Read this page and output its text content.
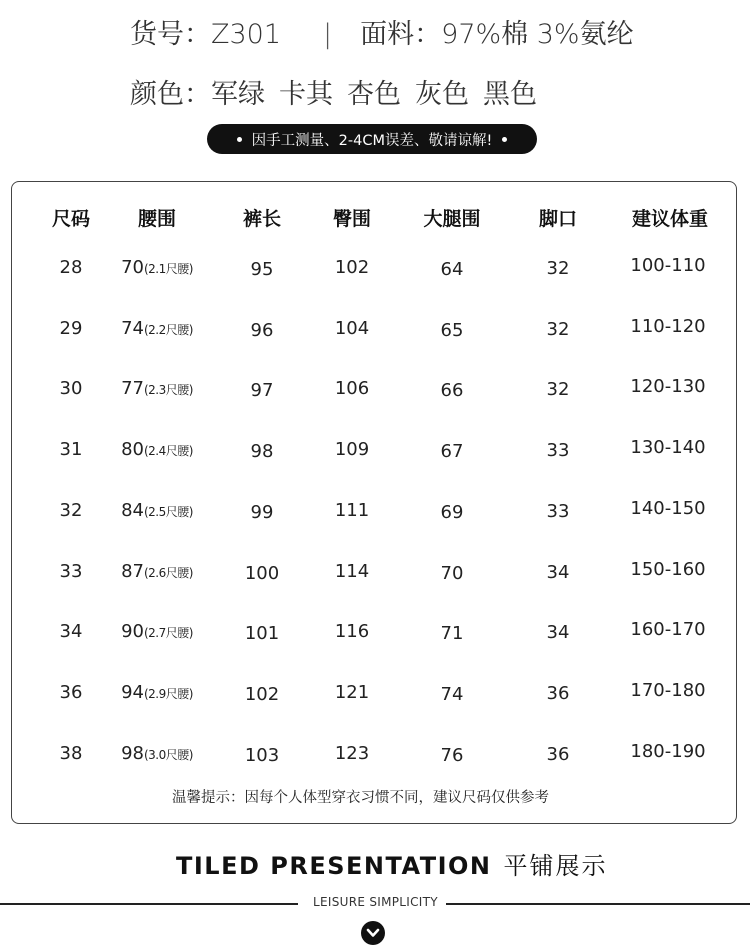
货号：Z301 | 面料：97%棉 3%氨纶
颜色：军绿 卡其 杏色 灰色 黑色
因手工测量、2-4CM误差、敬请谅解!
尺码	腰围	裤长	臀围	大腿围	脚口	建议体重
28 70(2.1尺腰)	95	102	64	32	100-110
29 74(2.2尺腰)	96	104	65	32	110-120
30 77(2.3尺腰)	97	106	66	32	120-130
31 80(2.4尺腰)	98	109	67	33	130-140
32 84(2.5尺腰)	99	111	69	33	140-150
33 87(2.6尺腰)	100	114	70	34	150-160
34 90(2.7尺腰)	101	116	71	34	160-170
36 94(2.9尺腰)	102	121	74	36	170-180
38 98(3.0尺腰)	103	123	76	36	180-190
温馨提示：因每个人体型穿衣习惯不同，建议尺码仅供参考
TILED PRESENTATION 平铺展示
LEISURE SIMPLICITY
